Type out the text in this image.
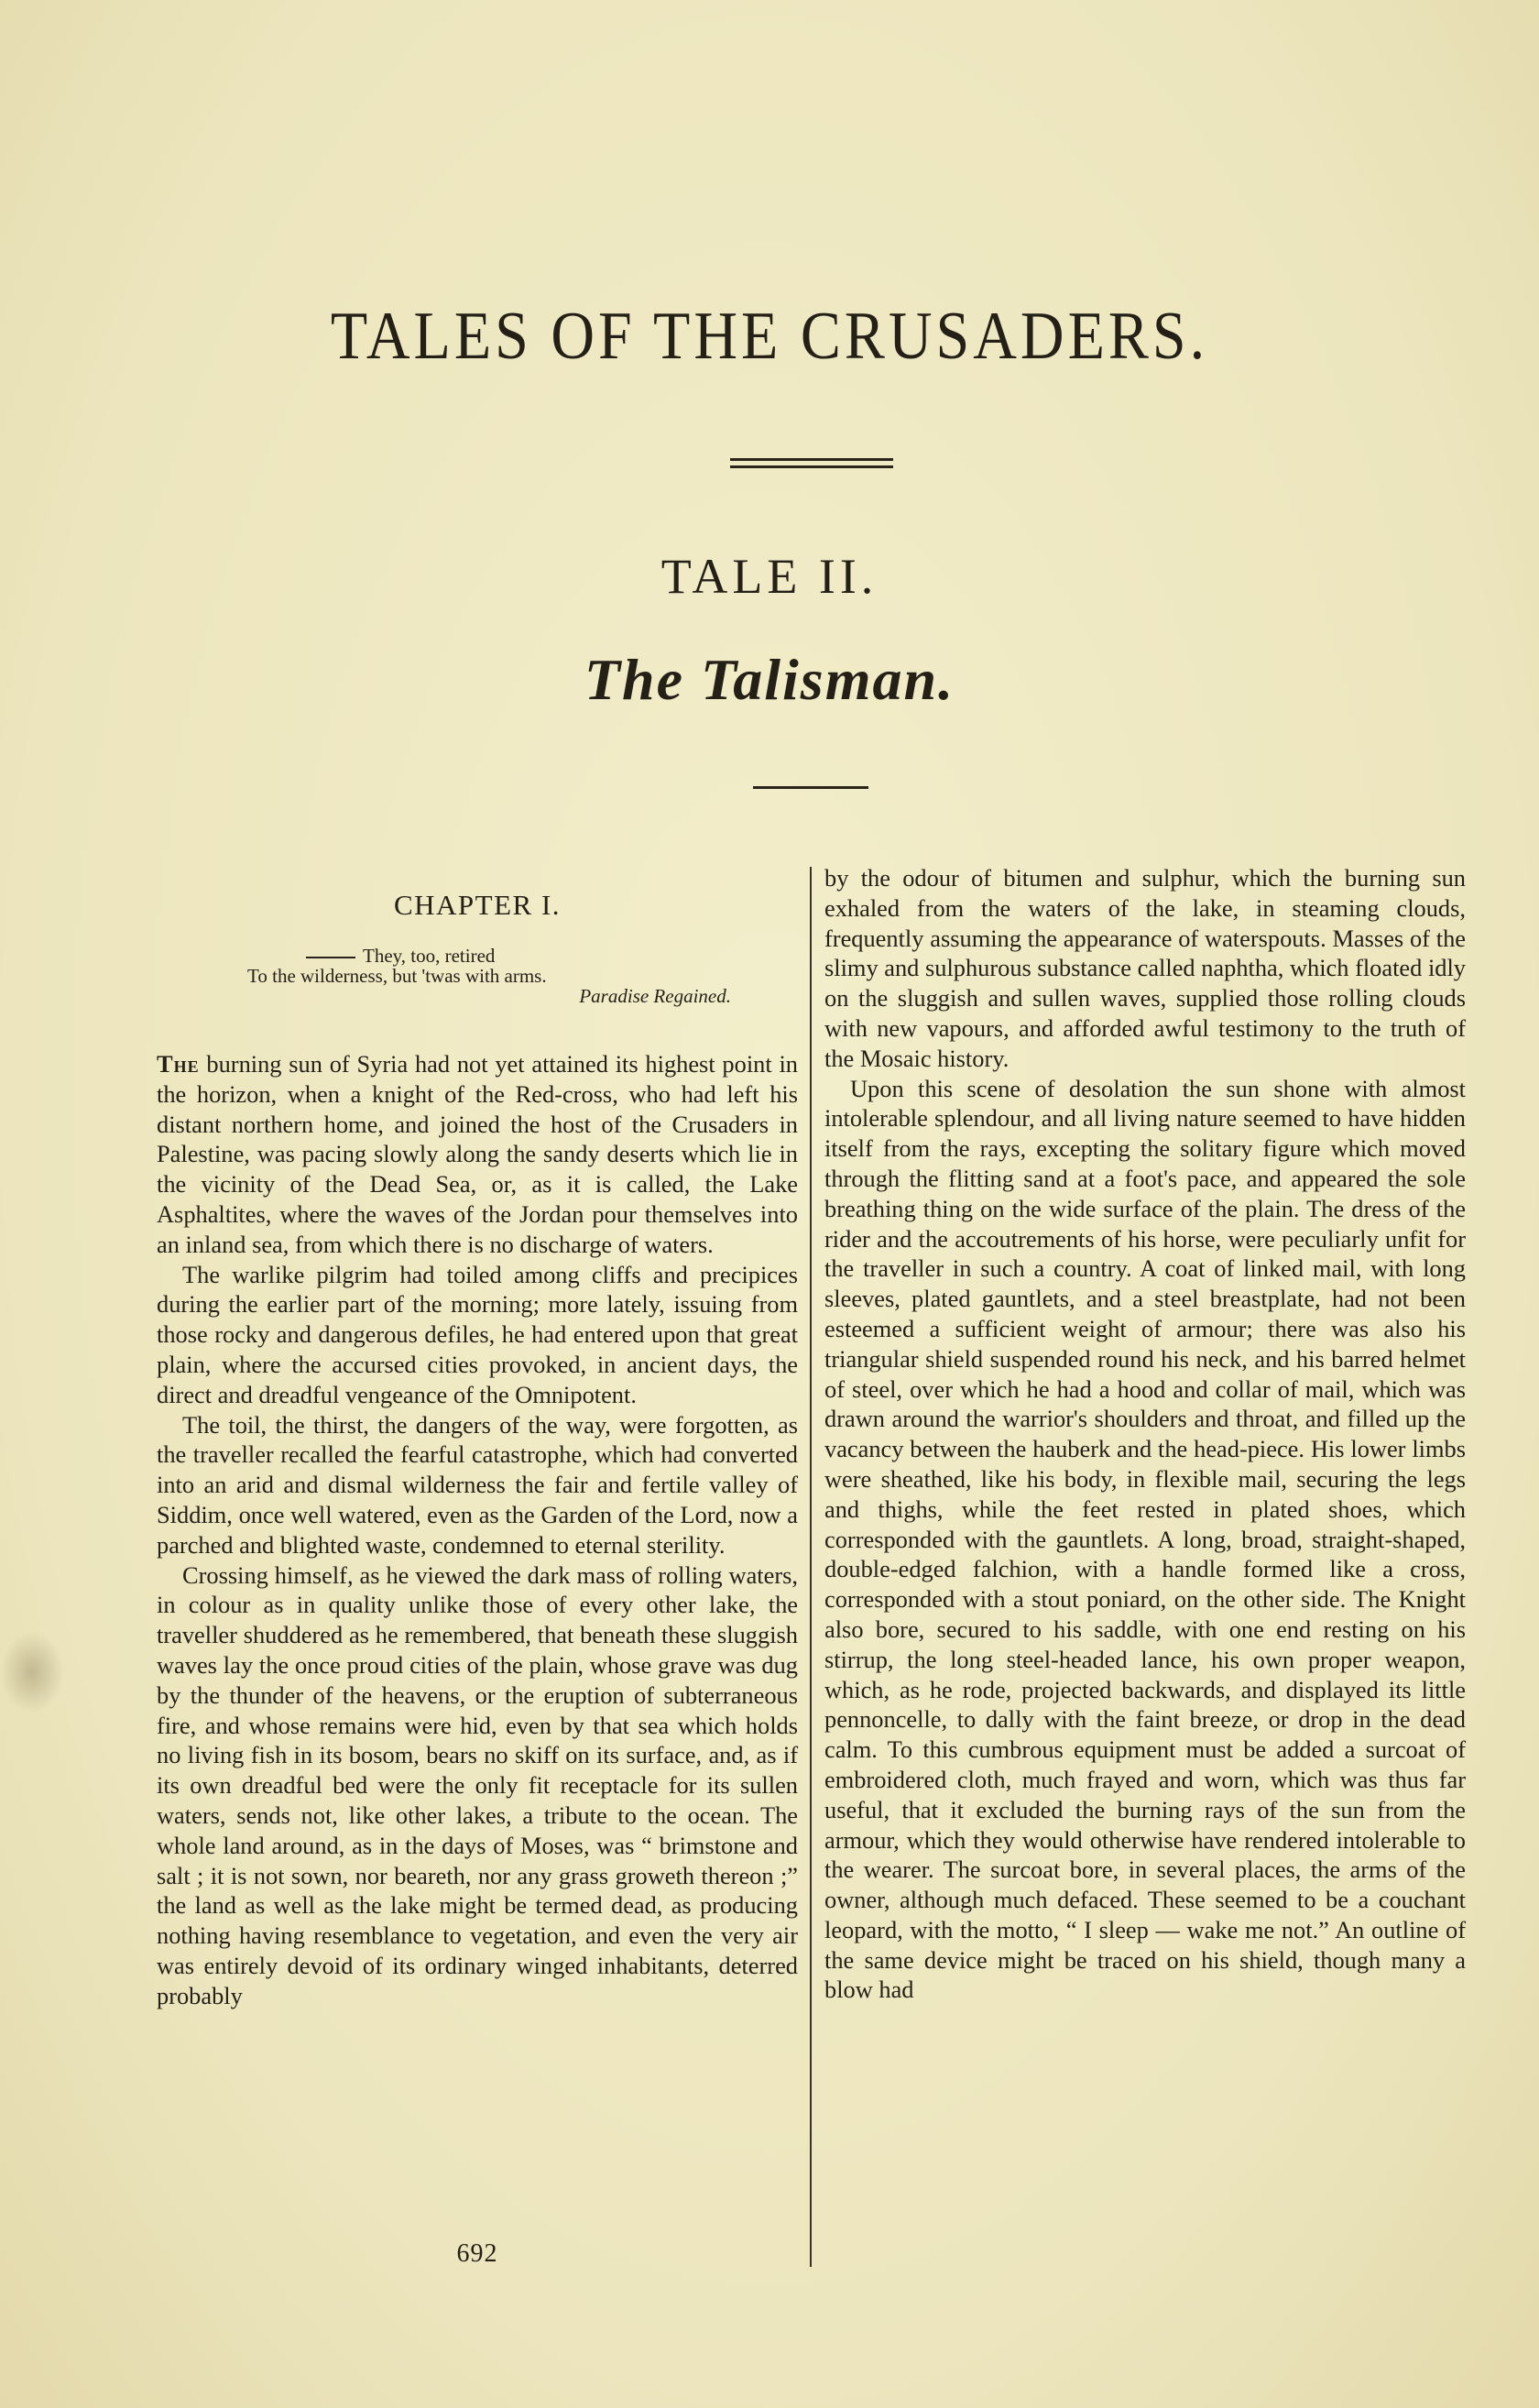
TALES OF THE CRUSADERS.
TALE II.
The Talisman.
CHAPTER I.
They, too, retired
To the wilderness, but 'twas with arms.
Paradise Regained.

The burning sun of Syria had not yet attained its highest point in the horizon, when a knight of the Red-cross, who had left his distant northern home, and joined the host of the Crusaders in Palestine, was pacing slowly along the sandy deserts which lie in the vicinity of the Dead Sea, or, as it is called, the Lake Asphaltites, where the waves of the Jordan pour themselves into an inland sea, from which there is no discharge of waters.

The warlike pilgrim had toiled among cliffs and precipices during the earlier part of the morning; more lately, issuing from those rocky and dangerous defiles, he had entered upon that great plain, where the accursed cities provoked, in ancient days, the direct and dreadful vengeance of the Omnipotent.

The toil, the thirst, the dangers of the way, were forgotten, as the traveller recalled the fearful catastrophe, which had converted into an arid and dismal wilderness the fair and fertile valley of Siddim, once well watered, even as the Garden of the Lord, now a parched and blighted waste, condemned to eternal sterility.

Crossing himself, as he viewed the dark mass of rolling waters, in colour as in quality unlike those of every other lake, the traveller shuddered as he remembered, that beneath these sluggish waves lay the once proud cities of the plain, whose grave was dug by the thunder of the heavens, or the eruption of subterraneous fire, and whose remains were hid, even by that sea which holds no living fish in its bosom, bears no skiff on its surface, and, as if its own dreadful bed were the only fit receptacle for its sullen waters, sends not, like other lakes, a tribute to the ocean. The whole land around, as in the days of Moses, was “ brimstone and salt ; it is not sown, nor beareth, nor any grass groweth thereon ;” the land as well as the lake might be termed dead, as producing nothing having resemblance to vegetation, and even the very air was entirely devoid of its ordinary winged inhabitants, deterred probably

by the odour of bitumen and sulphur, which the burning sun exhaled from the waters of the lake, in steaming clouds, frequently assuming the appearance of waterspouts. Masses of the slimy and sulphurous substance called naphtha, which floated idly on the sluggish and sullen waves, supplied those rolling clouds with new vapours, and afforded awful testimony to the truth of the Mosaic history.

Upon this scene of desolation the sun shone with almost intolerable splendour, and all living nature seemed to have hidden itself from the rays, excepting the solitary figure which moved through the flitting sand at a foot's pace, and appeared the sole breathing thing on the wide surface of the plain. The dress of the rider and the accoutrements of his horse, were peculiarly unfit for the traveller in such a country. A coat of linked mail, with long sleeves, plated gauntlets, and a steel breastplate, had not been esteemed a sufficient weight of armour; there was also his triangular shield suspended round his neck, and his barred helmet of steel, over which he had a hood and collar of mail, which was drawn around the warrior's shoulders and throat, and filled up the vacancy between the hauberk and the head-piece. His lower limbs were sheathed, like his body, in flexible mail, securing the legs and thighs, while the feet rested in plated shoes, which corresponded with the gauntlets. A long, broad, straight-shaped, double-edged falchion, with a handle formed like a cross, corresponded with a stout poniard, on the other side. The Knight also bore, secured to his saddle, with one end resting on his stirrup, the long steel-headed lance, his own proper weapon, which, as he rode, projected backwards, and displayed its little pennoncelle, to dally with the faint breeze, or drop in the dead calm. To this cumbrous equipment must be added a surcoat of embroidered cloth, much frayed and worn, which was thus far useful, that it excluded the burning rays of the sun from the armour, which they would otherwise have rendered intolerable to the wearer. The surcoat bore, in several places, the arms of the owner, although much defaced. These seemed to be a couchant leopard, with the motto, “ I sleep — wake me not.” An outline of the same device might be traced on his shield, though many a blow had

692
